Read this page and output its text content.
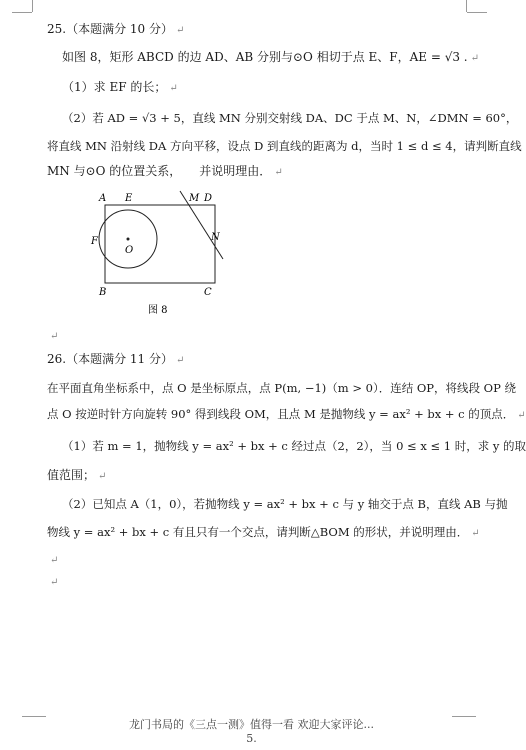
25.（本题满分 10 分） ↵
如图 8，矩形 ABCD 的边 AD、AB 分别与⊙O 相切于点 E、F，AE = √3 . ↵
（1）求 EF 的长； ↵
（2）若 AD = √3 + 5，直线 MN 分别交射线 DA、DC 于点 M、N，∠DMN = 60°，
将直线 MN 沿射线 DA 方向平移，设点 D 到直线的距离为 d，当时 1 ≤ d ≤ 4，请判断直线
MN 与⊙O 的位置关系，　　并说明理由． ↵
A E	M D
F
O
N
B	C
图 8
↵
26.（本题满分 11 分） ↵
在平面直角坐标系中，点 O 是坐标原点，点 P(m, −1)（m > 0）．连结 OP，将线段 OP 绕
点 O 按逆时针方向旋转 90° 得到线段 OM，且点 M 是抛物线 y = ax² + bx + c 的顶点． ↵
（1）若 m = 1，抛物线 y = ax² + bx + c 经过点（2，2），当 0 ≤ x ≤ 1 时，求 y 的取
值范围； ↵
（2）已知点 A（1，0），若抛物线 y = ax² + bx + c 与 y 轴交于点 B，直线 AB 与抛
物线 y = ax² + bx + c 有且只有一个交点，请判断△BOM 的形状，并说明理由． ↵
↵
↵
龙门书局的《三点一测》值得一看 欢迎大家评论...
5.
